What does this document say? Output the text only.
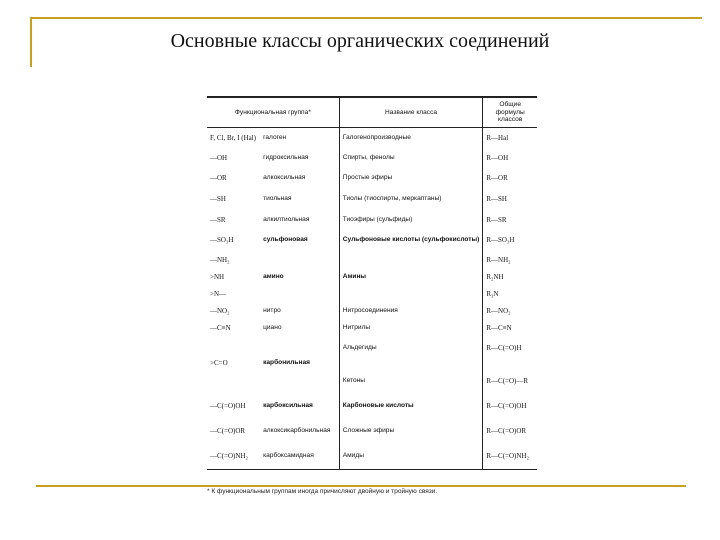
Основные классы органических соединений
Функциональная группа*		Название класса	Общие формулы классов
F, Cl, Br, I (Hal)	галоген	Галогенопроизводные	R—Hal
—OH	гидроксильная	Спирты, фенолы	R—OH
—OR	алкоксильная	Простые эфиры	R—OR
—SH	тиольная	Тиолы (тиоспирты, меркаптаны)	R—SH
—SR	алкилтиольная	Тиоэфиры (сульфиды)	R—SR
—SO₃H	сульфоновая	Сульфоновые кислоты (сульфокислоты)	R—SO₃H
—NH₂			R—NH₂
>NH	амино	Амины	R₂NH
>N—			R₃N
—NO₂	нитро	Нитросоединения	R—NO₂
—C≡N	циано	Нитрилы	R—C≡N
		Альдегиды	R—C(=O)H
>C=O	карбонильная		
		Кетоны	R—C(=O)—R
—C(=O)OH	карбоксильная	Карбоновые кислоты	R—C(=O)OH
—C(=O)OR	алкоксикарбонильная	Сложные эфиры	R—C(=O)OR
—C(=O)NH₂	карбоксамидная	Амиды	R—C(=O)NH₂
* К функциональным группам иногда причисляют двойную и тройную связи.
